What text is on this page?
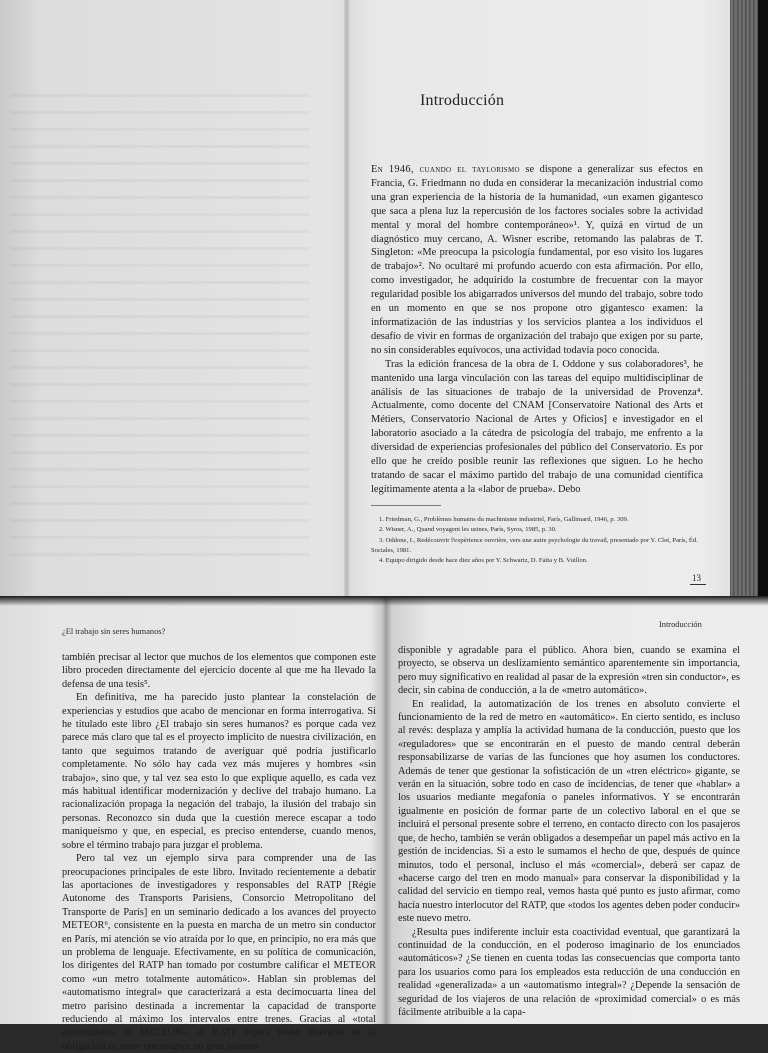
Introducción

En 1946, cuando el taylorismo se dispone a generalizar sus efectos en Francia, G. Friedmann no duda en considerar la mecanización industrial como una gran experiencia de la historia de la humanidad, «un examen gigantesco que saca a plena luz la repercusión de los factores sociales sobre la actividad mental y moral del hombre contemporáneo»¹. Y, quizá en virtud de un diagnóstico muy cercano, A. Wisner escribe, retomando las palabras de T. Singleton: «Me preocupa la psicología fundamental, por eso visito los lugares de trabajo»². No ocultaré mi profundo acuerdo con esta afirmación. Por ello, como investigador, he adquirido la costumbre de frecuentar con la mayor regularidad posible los abigarrados universos del mundo del trabajo, sobre todo en un momento en que se nos propone otro gigantesco examen: la informatización de las industrias y los servicios plantea a los individuos el desafío de vivir en formas de organización del trabajo que exigen por su parte, no sin considerables equívocos, una actividad todavía poco conocida.

Tras la edición francesa de la obra de I. Oddone y sus colaboradores³, he mantenido una larga vinculación con las tareas del equipo multidisciplinar de análisis de las situaciones de trabajo de la universidad de Provenza⁴. Actualmente, como docente del CNAM [Conservatoire National des Arts et Métiers, Conservatorio Nacional de Artes y Oficios] e investigador en el laboratorio asociado a la cátedra de psicología del trabajo, me enfrento a la diversidad de experiencias profesionales del público del Conservatorio. Es por ello que he creído posible reunir las reflexiones que siguen. Lo he hecho tratando de sacar el máximo partido del trabajo de una comunidad científica legítimamente atenta a la «labor de prueba». Debo

1. Friedman, G., Problèmes humains du machinisme industriel, París, Gallimard, 1946, p. 309.
2. Wisner, A., Quand voyagent les usines, París, Syros, 1985, p. 30.
3. Oddone, I., Redécouvrir l'expérience ouvrière, vers une autre psychologie du travail, presentado por Y. Clot, París, Éd. Sociales, 1981.
4. Equipo dirigido desde hace diez años por Y. Schwartz, D. Faïta y B. Vuillon.
13
¿El trabajo sin seres humanos?
Introducción

también precisar al lector que muchos de los elementos que componen este libro proceden directamente del ejercicio docente al que me ha llevado la defensa de una tesis⁵.

En definitiva, me ha parecido justo plantear la constelación de experiencias y estudios que acabo de mencionar en forma interrogativa. Si he titulado este libro ¿El trabajo sin seres humanos? es porque cada vez parece más claro que tal es el proyecto implícito de nuestra civilización, en tanto que seguimos tratando de averiguar qué podría justificarlo completamente. No sólo hay cada vez más mujeres y hombres «sin trabajo», sino que, y tal vez sea esto lo que explique aquello, es cada vez más habitual identificar modernización y declive del trabajo humano. La racionalización propaga la negación del trabajo, la ilusión del trabajo sin personas. Reconozco sin duda que la cuestión merece escapar a todo maniqueísmo y que, en especial, es preciso entenderse, cuando menos, sobre el término trabajo para juzgar el problema.

Pero tal vez un ejemplo sirva para comprender una de las preocupaciones principales de este libro. Invitado recientemente a debatir las aportaciones de investigadores y responsables del RATP [Régie Autonome des Transports Parisiens, Consorcio Metropolitano del Transporte de París] en un seminario dedicado a los avances del proyecto METEOR⁶, consistente en la puesta en marcha de un metro sin conductor en París, mi atención se vio atraída por lo que, en principio, no era más que un problema de lenguaje. Efectivamente, en su política de comunicación, los dirigentes del RATP han tomado por costumbre calificar el METEOR como «un metro totalmente automático». Hablan sin problemas del «automatismo integral» que caracterizará a esta decimocuarta línea del metro parisino destinada a incrementar la capacidad de transporte reduciendo al máximo los intervalos entre trenes. Gracias al «total automatismo de METEOR», el RATP espera poder liberarse de la obligación de tener que asignar un gran número

disponible y agradable para el público. Ahora bien, cuando se examina el proyecto, se observa un deslizamiento semántico aparentemente sin importancia, pero muy significativo en realidad al pasar de la expresión «tren sin conductor», es decir, sin cabina de conducción, a la de «metro automático».

En realidad, la automatización de los trenes en absoluto convierte el funcionamiento de la red de metro en «automático». En cierto sentido, es incluso al revés: desplaza y amplía la actividad humana de la conducción, puesto que los «reguladores» que se encontrarán en el puesto de mando central deberán responsabilizarse de varias de las funciones que hoy asumen los conductores. Además de tener que gestionar la sofisticación de un «tren eléctrico» gigante, se verán en la situación, sobre todo en caso de incidencias, de tener que «hablar» a los usuarios mediante megafonía o paneles informativos. Y se encontrarán igualmente en posición de formar parte de un colectivo laboral en el que se incluirá el personal presente sobre el terreno, en contacto directo con los pasajeros que, de hecho, también se verán obligados a desempeñar un papel más activo en la gestión de incidencias. Si a esto le sumamos el hecho de que, después de quince minutos, todo el personal, incluso el más «comercial», deberá ser capaz de «hacerse cargo del tren en modo manual» para conservar la disponibilidad y la calidad del servicio en tiempo real, vemos hasta qué punto es justo afirmar, como hacía nuestro interlocutor del RATP, que «todos los agentes deben poder conducir» este nuevo metro.

¿Resulta pues indiferente incluir esta coactividad eventual, que garantizará la continuidad de la conducción, en el poderoso imaginario de los enunciados «automáticos»? ¿Se tienen en cuenta todas las consecuencias que comporta tanto para los usuarios como para los empleados esta reducción de una conducción en realidad «generalizada» a un «automatismo integral»? ¿Depende la sensación de seguridad de los viajeros de una relación de «proximidad comercial» o es más fácilmente atribuible a la capa-
